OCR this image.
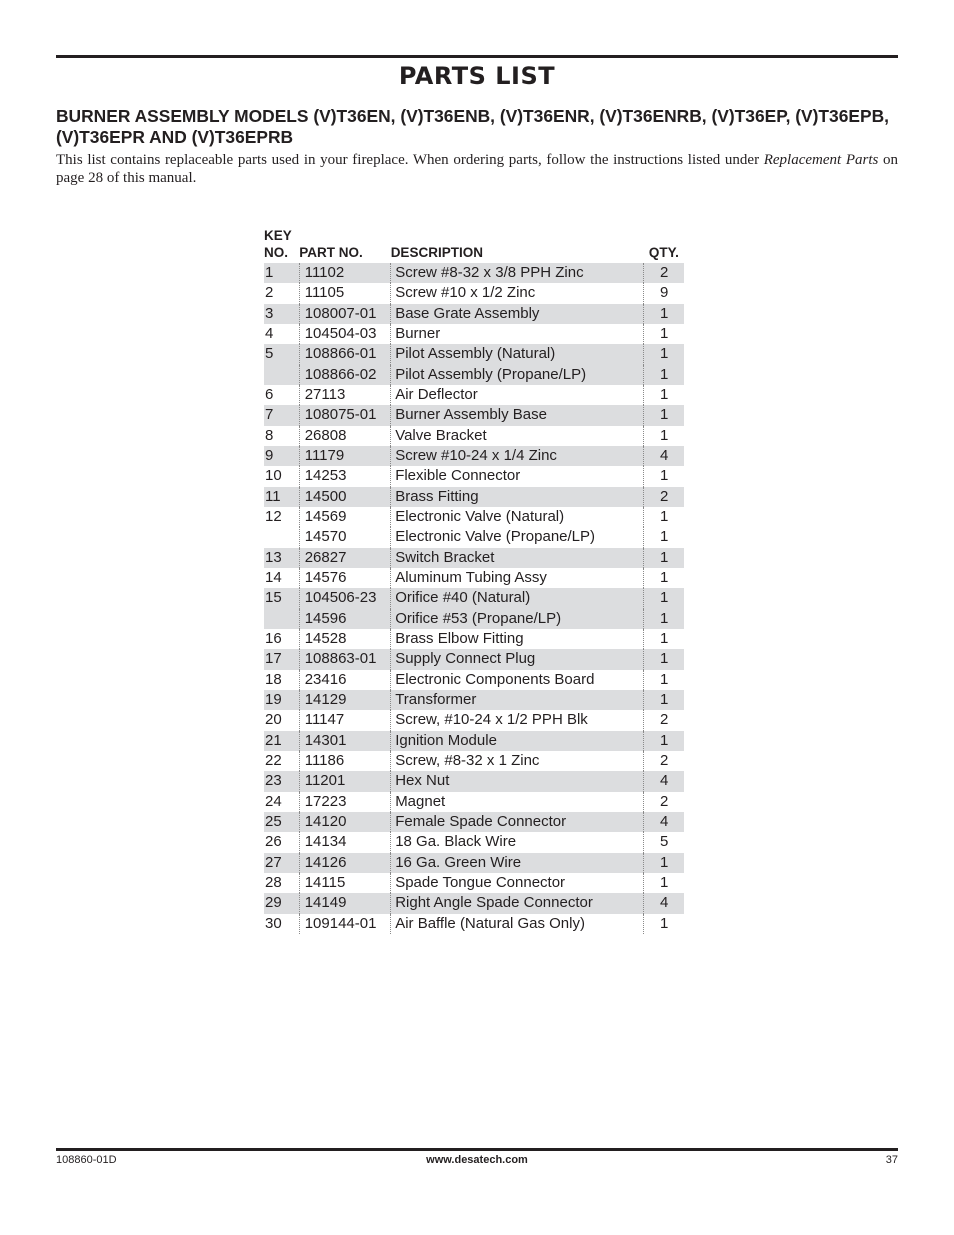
PARTS LIST
BURNER ASSEMBLY MODELS (V)T36EN, (V)T36ENB, (V)T36ENR, (V)T36ENRB, (V)T36EP, (V)T36EPB, (V)T36EPR AND (V)T36EPRB
This list contains replaceable parts used in your fireplace. When ordering parts, follow the instructions listed under Replacement Parts on page 28 of this manual.
KEY
NO.	PART NO.	DESCRIPTION	QTY.
1	11102	Screw #8-32 x 3/8 PPH Zinc	2
2	11105	Screw #10 x 1/2 Zinc	9
3	108007-01	Base Grate Assembly	1
4	104504-03	Burner	1
5	108866-01	Pilot Assembly (Natural)	1
	108866-02	Pilot Assembly (Propane/LP)	1
6	27113	Air Deflector	1
7	108075-01	Burner Assembly Base	1
8	26808	Valve Bracket	1
9	11179	Screw #10-24 x 1/4 Zinc	4
10	14253	Flexible Connector	1
11	14500	Brass Fitting	2
12	14569	Electronic Valve (Natural)	1
	14570	Electronic Valve (Propane/LP)	1
13	26827	Switch Bracket	1
14	14576	Aluminum Tubing Assy	1
15	104506-23	Orifice #40 (Natural)	1
	14596	Orifice #53 (Propane/LP)	1
16	14528	Brass Elbow Fitting	1
17	108863-01	Supply Connect Plug	1
18	23416	Electronic Components Board	1
19	14129	Transformer	1
20	11147	Screw, #10-24 x 1/2 PPH Blk	2
21	14301	Ignition Module	1
22	11186	Screw, #8-32 x 1 Zinc	2
23	11201	Hex Nut	4
24	17223	Magnet	2
25	14120	Female Spade Connector	4
26	14134	18 Ga. Black Wire	5
27	14126	16 Ga. Green Wire	1
28	14115	Spade Tongue Connector	1
29	14149	Right Angle Spade Connector	4
30	109144-01	Air Baffle (Natural Gas Only)	1
108860-01D	www.desatech.com	37
